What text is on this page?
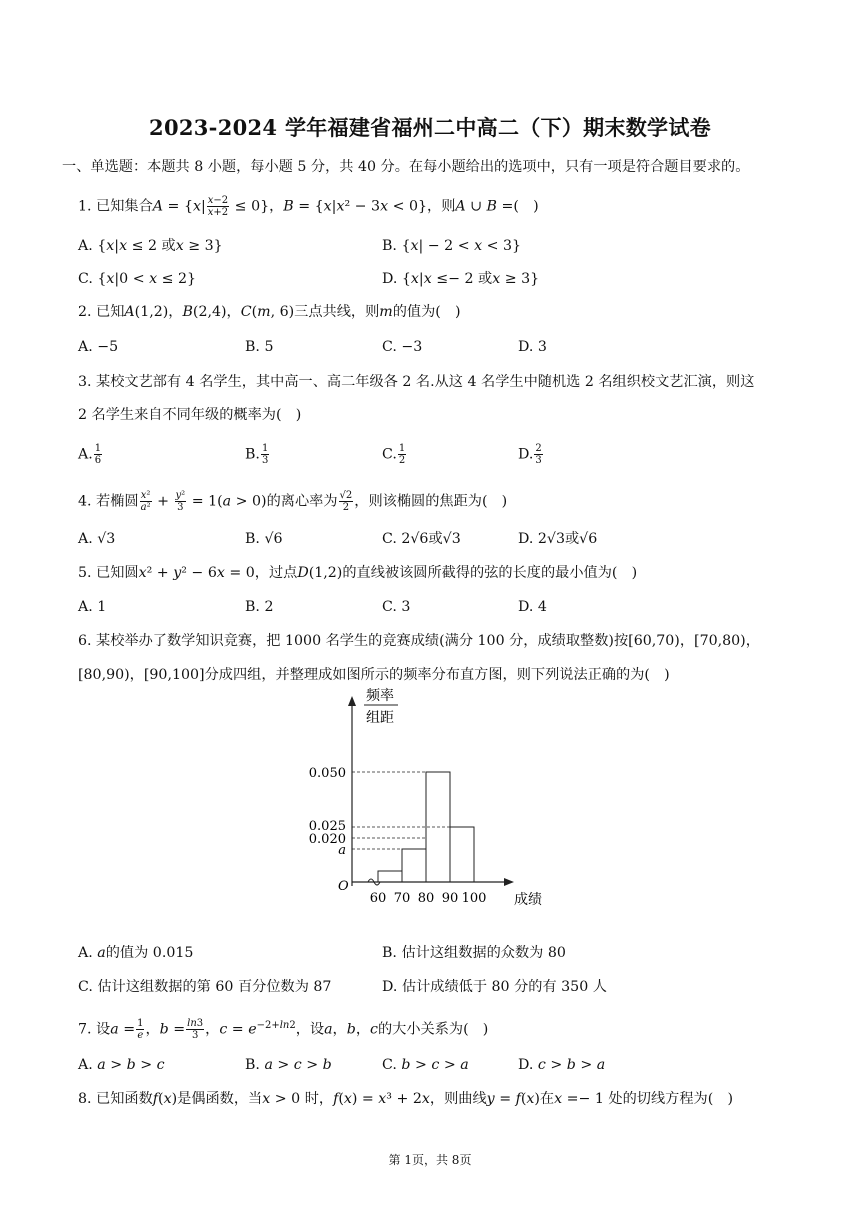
2023-2024 学年福建省福州二中高二（下）期末数学试卷
一、单选题：本题共 8 小题，每小题 5 分，共 40 分。在每小题给出的选项中，只有一项是符合题目要求的。
1. 已知集合𝐴 = {𝑥| $\frac{\text{𝑥−2}}{\text{𝑥+2}} \le 0$}，𝐵 = {𝑥|𝑥² − 3𝑥 < 0}，则𝐴 ∪ 𝐵 =(　)
A. {𝑥|𝑥 ≤ 2 或𝑥 ≥ 3}	B. {𝑥| − 2 < 𝑥 < 3}
C. {𝑥|0 < 𝑥 ≤ 2}	D. {𝑥|𝑥 ≤− 2 或𝑥 ≥ 3}
2. 已知𝐴(1,2)，𝐵(2,4)，𝐶(𝑚, 6)三点共线，则𝑚的值为(　)
A. −5	B. 5	C. −3	D. 3
3. 某校文艺部有 4 名学生，其中高一、高二年级各 2 名.从这 4 名学生中随机选 2 名组织校文艺汇演，则这
2 名学生来自不同年级的概率为(　)
A. $\frac{1}{6}$	B. $\frac{1}{3}$	C. $\frac{1}{2}$	D. $\frac{2}{3}$
4. 若椭圆 $\frac{\text{𝑥²}}{\text{𝑎²}} + \frac{\text{𝑦²}}{3}$ = 1(𝑎 > 0)的离心率为 $\frac{√2}{2}$ ，则该椭圆的焦距为(　)
A. √3	B. √6	C. 2√6或√3	D. 2√3或√6
5. 已知圆𝑥² + 𝑦² − 6𝑥 = 0，过点𝐷(1,2)的直线被该圆所截得的弦的长度的最小值为(　)
A. 1	B. 2	C. 3	D. 4
6. 某校举办了数学知识竞赛，把 1000 名学生的竞赛成绩(满分 100 分，成绩取整数)按[60,70)，[70,80)，
[80,90)，[90,100]分成四组，并整理成如图所示的频率分布直方图，则下列说法正确的为(　)
频率
组距
O
成绩
60 70 80 90 100
0.050
0.025
0.020
𝑎
A. 𝑎的值为 0.015	B. 估计这组数据的众数为 80
C. 估计这组数据的第 60 百分位数为 87	D. 估计成绩低于 80 分的有 350 人
7. 设𝑎 = $\frac{1}{\text{𝑒}}$ ，𝑏 = $\frac{\text{𝑙𝑛3}}{3}$ ，𝑐 = 𝑒$^{-2+𝑙𝑛2}$，设𝑎，𝑏，𝑐的大小关系为(　)
A. 𝑎 > 𝑏 > 𝑐	B. 𝑎 > 𝑐 > 𝑏	C. 𝑏 > 𝑐 > 𝑎	D. 𝑐 > 𝑏 > 𝑎
8. 已知函数𝑓(𝑥)是偶函数，当𝑥 > 0 时，𝑓(𝑥) = 𝑥³ + 2𝑥，则曲线𝑦 = 𝑓(𝑥)在𝑥 =− 1 处的切线方程为(　)
第 1页，共 8页
